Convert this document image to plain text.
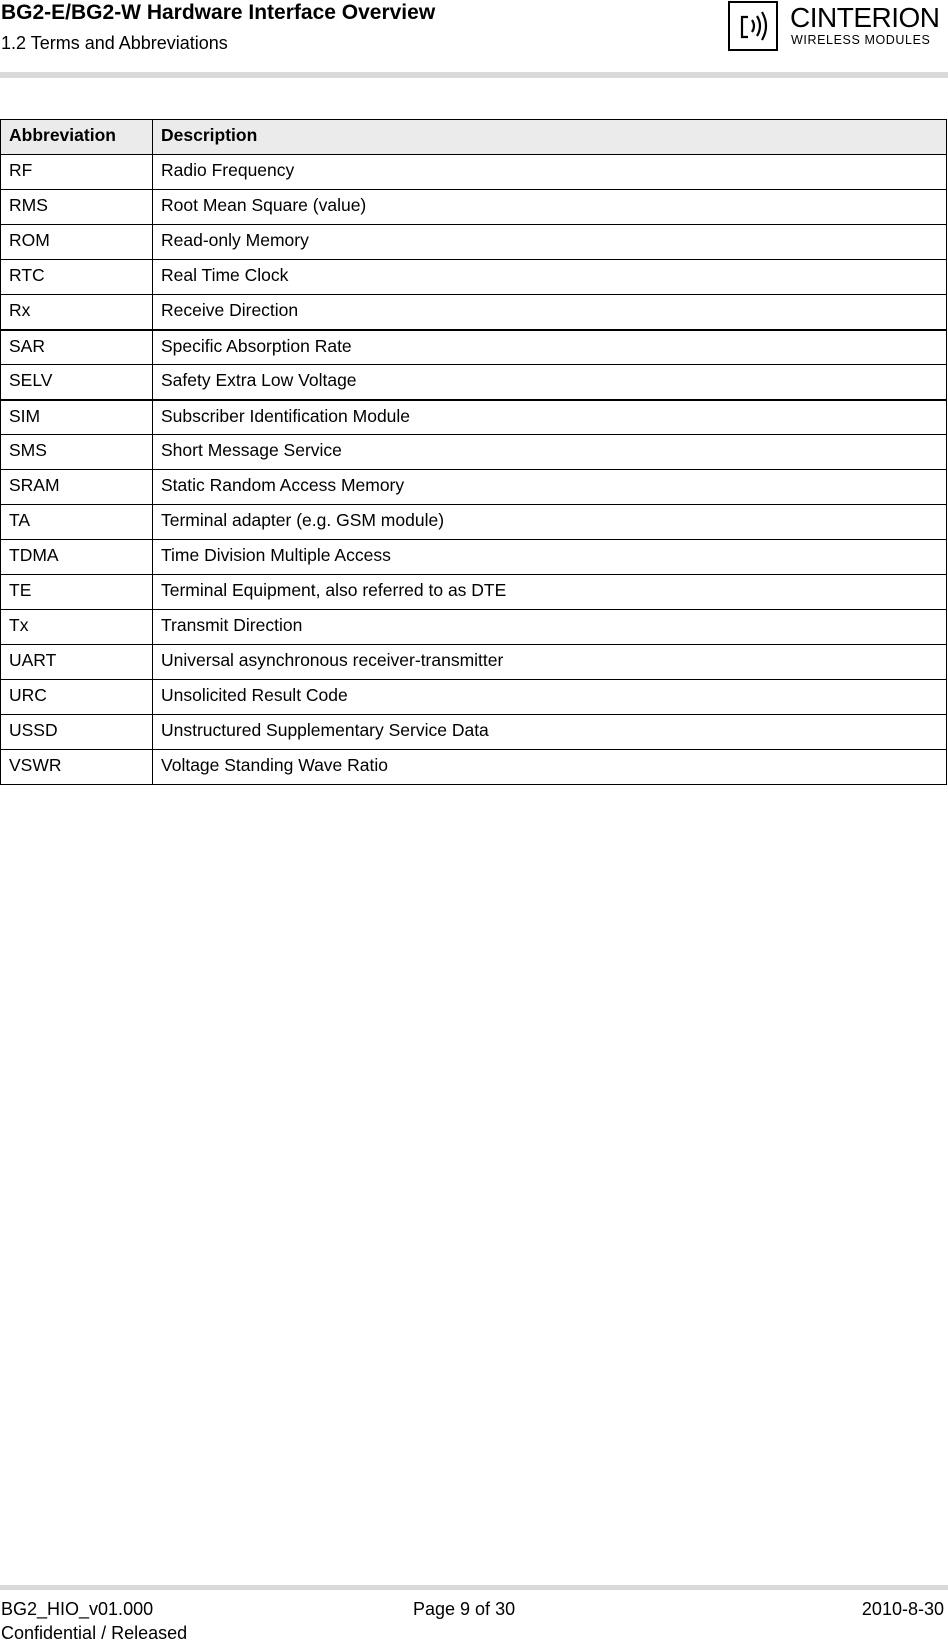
BG2-E/BG2-W Hardware Interface Overview
1.2 Terms and Abbreviations
CINTERION
WIRELESS MODULES
Abbreviation	Description
RF	Radio Frequency
RMS	Root Mean Square (value)
ROM	Read-only Memory
RTC	Real Time Clock
Rx	Receive Direction
SAR	Specific Absorption Rate
SELV	Safety Extra Low Voltage
SIM	Subscriber Identification Module
SMS	Short Message Service
SRAM	Static Random Access Memory
TA	Terminal adapter (e.g. GSM module)
TDMA	Time Division Multiple Access
TE	Terminal Equipment, also referred to as DTE
Tx	Transmit Direction
UART	Universal asynchronous receiver-transmitter
URC	Unsolicited Result Code
USSD	Unstructured Supplementary Service Data
VSWR	Voltage Standing Wave Ratio
BG2_HIO_v01.000
Confidential / Released
Page 9 of 30	2010-8-30
